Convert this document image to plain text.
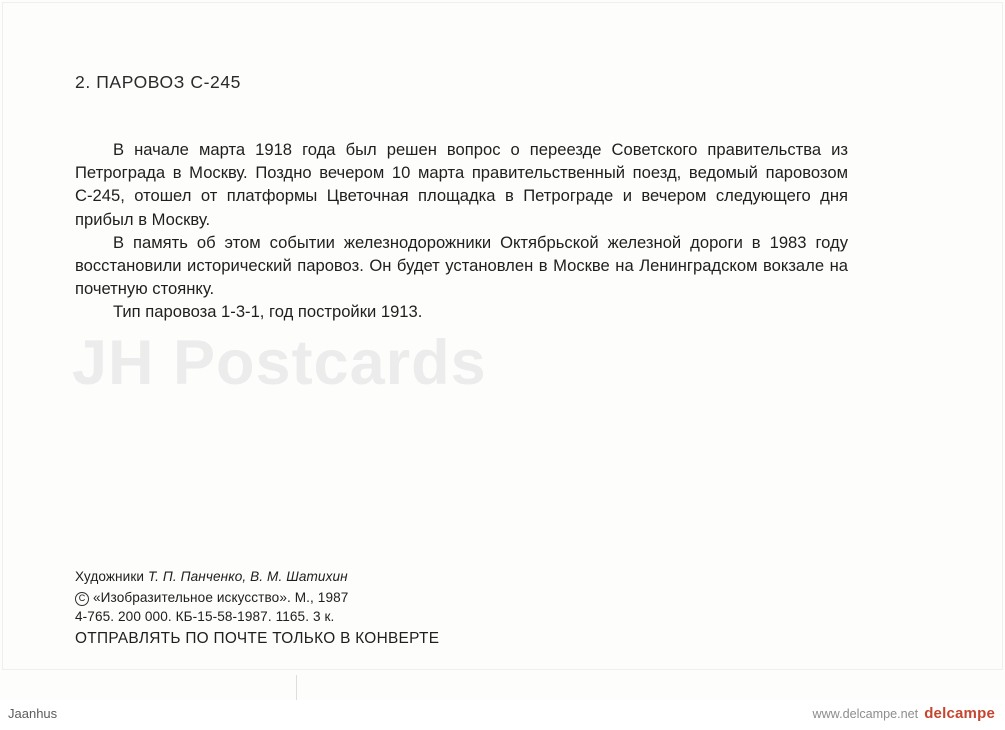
2. ПАРОВОЗ С-245

В начале марта 1918 года был решен вопрос о переезде Советского правительства из Петрограда в Москву. Поздно вечером 10 марта правительственный поезд, ведомый паровозом С-245, отошел от платформы Цветочная площадка в Петрограде и вечером следующего дня прибыл в Москву.

В память об этом событии железнодорожники Октябрьской железной дороги в 1983 году восстановили исторический паровоз. Он будет установлен в Москве на Ленинградском вокзале на почетную стоянку.

Тип паровоза 1-3-1, год постройки 1913.

JH Postcards
Художники Т. П. Панченко, В. М. Шатихин
C «Изобразительное искусство». М., 1987
4-765. 200 000. КБ-15-58-1987. 1165. 3 к.
ОТПРАВЛЯТЬ ПО ПОЧТЕ ТОЛЬКО В КОНВЕРТЕ
Jaanhus	www.delcampe.net delcampe
